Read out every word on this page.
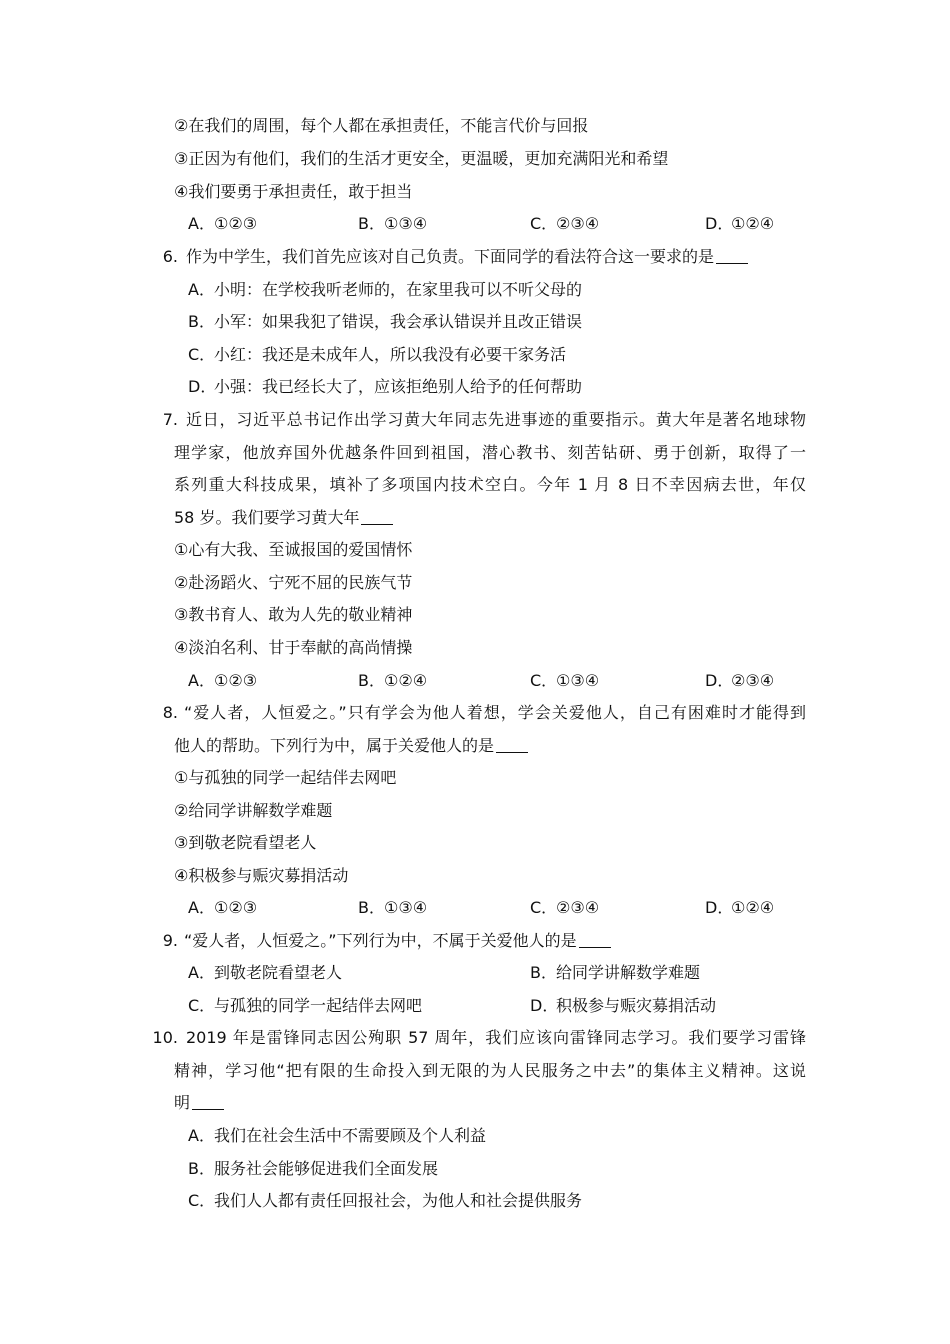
②在我们的周围，每个人都在承担责任，不能言代价与回报
③正因为有他们，我们的生活才更安全，更温暖，更加充满阳光和希望
④我们要勇于承担责任，敢于担当
A．①②③	B．①③④	C．②③④	D．①②④
6. 作为中学生，我们首先应该对自己负责。下面同学的看法符合这一要求的是
A．小明：在学校我听老师的，在家里我可以不听父母的
B．小军：如果我犯了错误，我会承认错误并且改正错误
C．小红：我还是未成年人，所以我没有必要干家务活
D．小强：我已经长大了，应该拒绝别人给予的任何帮助
7. 近日，习近平总书记作出学习黄大年同志先进事迹的重要指示。黄大年是著名地球物
理学家，他放弃国外优越条件回到祖国，潜心教书、刻苦钻研、勇于创新，取得了一
系列重大科技成果，填补了多项国内技术空白。今年 1 月 8 日不幸因病去世，年仅
58 岁。我们要学习黄大年
①心有大我、至诚报国的爱国情怀
②赴汤蹈火、宁死不屈的民族气节
③教书育人、敢为人先的敬业精神
④淡泊名利、甘于奉献的高尚情操
A．①②③	B．①②④	C．①③④	D．②③④
8. “爱人者，人恒爱之。”只有学会为他人着想，学会关爱他人，自己有困难时才能得到
他人的帮助。下列行为中，属于关爱他人的是
①与孤独的同学一起结伴去网吧
②给同学讲解数学难题
③到敬老院看望老人
④积极参与赈灾募捐活动
A．①②③	B．①③④	C．②③④	D．①②④
9. “爱人者，人恒爱之。”下列行为中，不属于关爱他人的是
A．到敬老院看望老人	B．给同学讲解数学难题
C．与孤独的同学一起结伴去网吧	D．积极参与赈灾募捐活动
10. 2019 年是雷锋同志因公殉职 57 周年，我们应该向雷锋同志学习。我们要学习雷锋
精神，学习他“把有限的生命投入到无限的为人民服务之中去”的集体主义精神。这说
明
A．我们在社会生活中不需要顾及个人利益
B．服务社会能够促进我们全面发展
C．我们人人都有责任回报社会，为他人和社会提供服务
